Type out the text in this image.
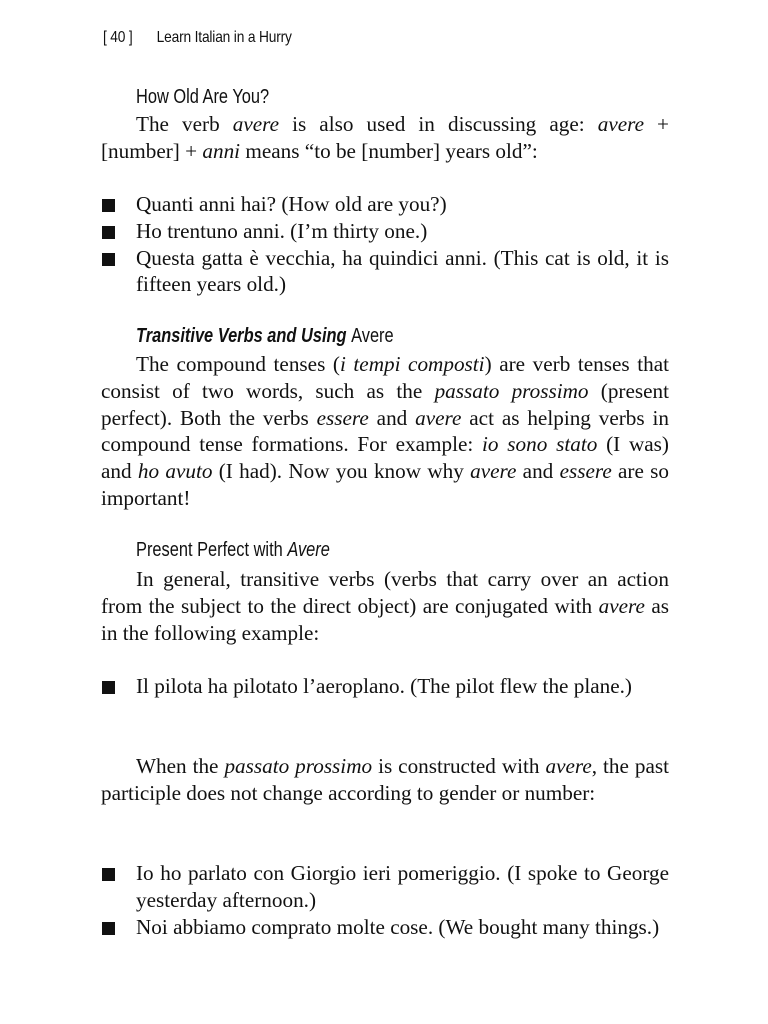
[ 40 ] Learn Italian in a Hurry
How Old Are You?

The verb avere is also used in discussing age: avere + [number] + anni means “to be [number] years old”:

Quanti anni hai? (How old are you?)
Ho trentuno anni. (I’m thirty one.)
Questa gatta è vecchia, ha quindici anni. (This cat is old, it is fifteen years old.)
Transitive Verbs and Using Avere

The compound tenses (i tempi composti) are verb tenses that consist of two words, such as the passato prossimo (present perfect). Both the verbs essere and avere act as helping verbs in compound tense formations. For example: io sono stato (I was) and ho avuto (I had). Now you know why avere and essere are so important!

Present Perfect with Avere

In general, transitive verbs (verbs that carry over an action from the subject to the direct object) are conjugated with avere as in the following example:

Il pilota ha pilotato l’aeroplano. (The pilot flew the plane.)

When the passato prossimo is constructed with avere, the past participle does not change according to gender or number:

Io ho parlato con Giorgio ieri pomeriggio. (I spoke to George yesterday afternoon.)
Noi abbiamo comprato molte cose. (We bought many things.)
